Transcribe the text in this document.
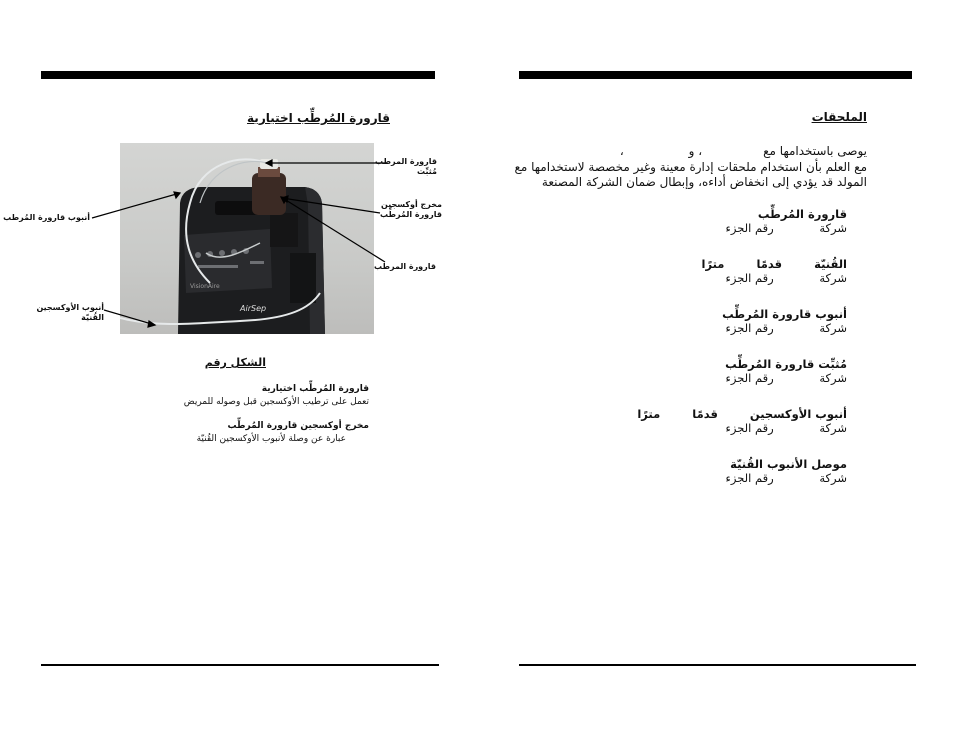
قارورة المُرطِّب اختيارية
AirSep
VisionAire
قارورة المرطب
مُثبِّت
مخرج أوكسجين
قارورة المُرطِّب
قارورة المرطب
أنبوب قارورة المُرطب
أنبوب الأوكسجين
القُنيّة
الشكل رقم
قارورة المُرطِّب اختيارية
تعمل على ترطيب الأوكسجين قبل وصوله للمريض
مخرج أوكسجين قارورة المُرطِّب
عبارة عن وصلة لأنبوب الأوكسجين القُنيّة
الملحقات
يوصى باستخدامها مع                ، و                 ،
مع العلم بأن استخدام ملحقات إدارة معينة وغير مخصصة لاستخدامها مع
المولد قد يؤدي إلى انخفاض أداءه، وإبطال ضمان الشركة المصنعة
قارورة المُرطِّب
شركة رقم الجزء
القُنيّة        قدمًا        مترًا
شركة رقم الجزء
أنبوب قارورة المُرطِّب
شركة رقم الجزء
مُثبِّت قارورة المُرطِّب
شركة رقم الجزء
أنبوب الأوكسجين        قدمًا        مترًا
شركة رقم الجزء
موصل الأنبوب القُنيّة
شركة رقم الجزء
